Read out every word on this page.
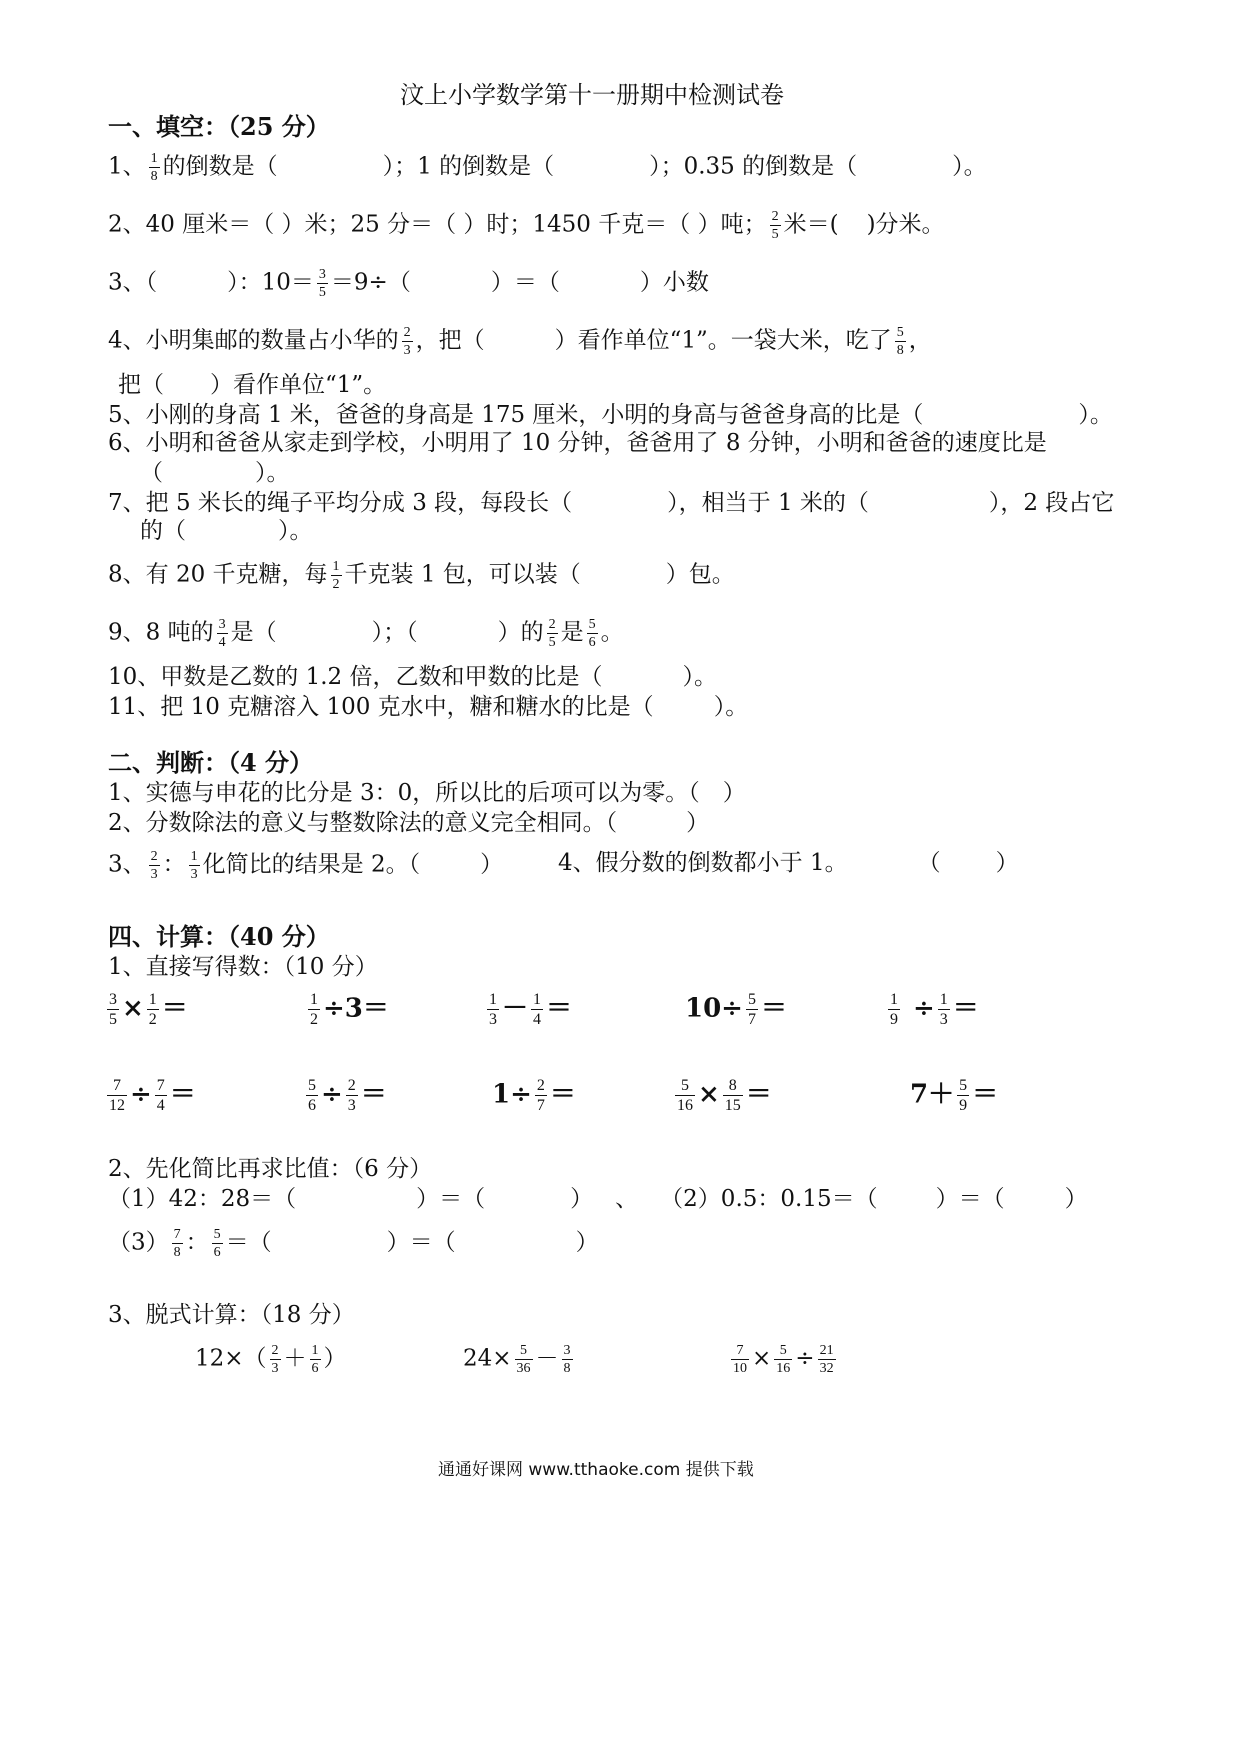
汶上小学数学第十一册期中检测试卷
一、填空：（25 分）
1、 $\frac{1}{8}$ 的倒数是（	）；1 的倒数是（	）；0.35 的倒数是（	）。
2、40 厘米＝（ ）米；25 分＝（ ）时；1450 千克＝（ ）吨； $\frac{2}{5}$ 米＝( )分米。
3、（	）：$10= \frac{3}{5} =9\div$（	）＝（	）小数
4、小明集邮的数量占小华的 $\frac{2}{3}$ ，把（	）看作单位“1”。一袋大米，吃了 $\frac{5}{8}$ ，
把（　　）看作单位“1”。
5、小刚的身高 1 米，爸爸的身高是 175 厘米，小明的身高与爸爸身高的比是（	）。
6、小明和爸爸从家走到学校，小明用了 10 分钟，爸爸用了 8 分钟，小明和爸爸的速度比是
（　　　　）。
7、把 5 米长的绳子平均分成 3 段，每段长（	），相当于 1 米的（	），2 段占它
的（　　　　）。
8、有 20 千克糖，每 $\frac{1}{2}$ 千克装 1 包，可以装（	）包。
9、8 吨的 $\frac{3}{4}$ 是（	）；（	）的 $\frac{2}{5}$ 是 $\frac{5}{6}$ 。
10、甲数是乙数的 1.2 倍，乙数和甲数的比是（	）。
11、把 10 克糖溶入 100 克水中，糖和糖水的比是（	）。
二、判断：（4 分）
1、实德与申花的比分是 3：0，所以比的后项可以为零。（　）
2、分数除法的意义与整数除法的意义完全相同。（　　　）
3、 $\frac{2}{3}$ ： $\frac{1}{3}$ 化简比的结果是 2。（	） 4、假分数的倒数都小于 1。	（ ）
四、计算：（40 分）
1、直接写得数：（10 分）
$\frac{3}{5} \times \frac{1}{2}$ ＝	$\frac{1}{2} \div 3=$	$\frac{1}{3} - \frac{1}{4}$ ＝	$10\div \frac{5}{7}$ ＝	$\frac{1}{9} \div \frac{1}{3}$ ＝
$\frac{7}{12} \div \frac{7}{4}$ ＝	$\frac{5}{6} \div \frac{2}{3}$ ＝	$1\div \frac{2}{7}$ ＝	$\frac{5}{16} \times \frac{8}{15}$ ＝	$7+ \frac{5}{9}$ ＝
2、先化简比再求比值：（6 分）
（1）42：28＝（	）＝（	） 、 （2）0.5：0.15＝（	）＝（	）
$(3) \frac{7}{8}$ ： $\frac{5}{6}$ ＝（	）＝（	）
3、脱式计算：（18 分）
$12\times( \frac{2}{3} + \frac{1}{6}$ ）	$24\times \frac{5}{36} - \frac{3}{8}$	$\frac{7}{10} \times \frac{5}{16} \div \frac{21}{32}$
通通好课网 www.tthaoke.com 提供下载
